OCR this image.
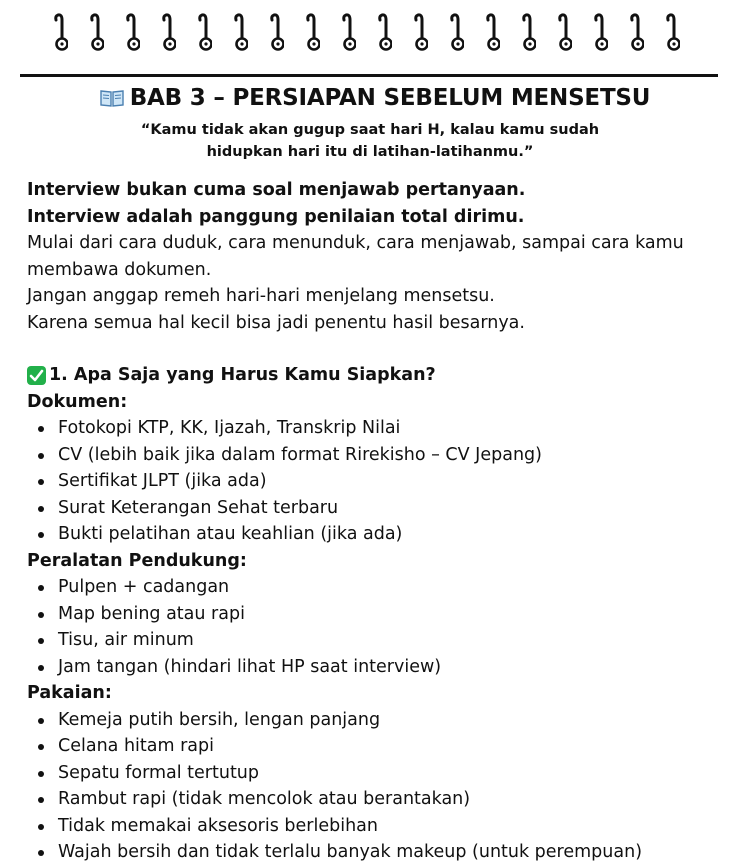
BAB 3 – PERSIAPAN SEBELUM MENSETSU
“Kamu tidak akan gugup saat hari H, kalau kamu sudah
hidupkan hari itu di latihan-latihanmu.”

Interview bukan cuma soal menjawab pertanyaan.

Interview adalah panggung penilaian total dirimu.

Mulai dari cara duduk, cara menunduk, cara menjawab, sampai cara kamu membawa dokumen.

Jangan anggap remeh hari-hari menjelang mensetsu.

Karena semua hal kecil bisa jadi penentu hasil besarnya.

1. Apa Saja yang Harus Kamu Siapkan?
Dokumen:
Fotokopi KTP, KK, Ijazah, Transkrip Nilai
CV (lebih baik jika dalam format Rirekisho – CV Jepang)
Sertifikat JLPT (jika ada)
Surat Keterangan Sehat terbaru
Bukti pelatihan atau keahlian (jika ada)
Peralatan Pendukung:
Pulpen + cadangan
Map bening atau rapi
Tisu, air minum
Jam tangan (hindari lihat HP saat interview)
Pakaian:
Kemeja putih bersih, lengan panjang
Celana hitam rapi
Sepatu formal tertutup
Rambut rapi (tidak mencolok atau berantakan)
Tidak memakai aksesoris berlebihan
Wajah bersih dan tidak terlalu banyak makeup (untuk perempuan)
